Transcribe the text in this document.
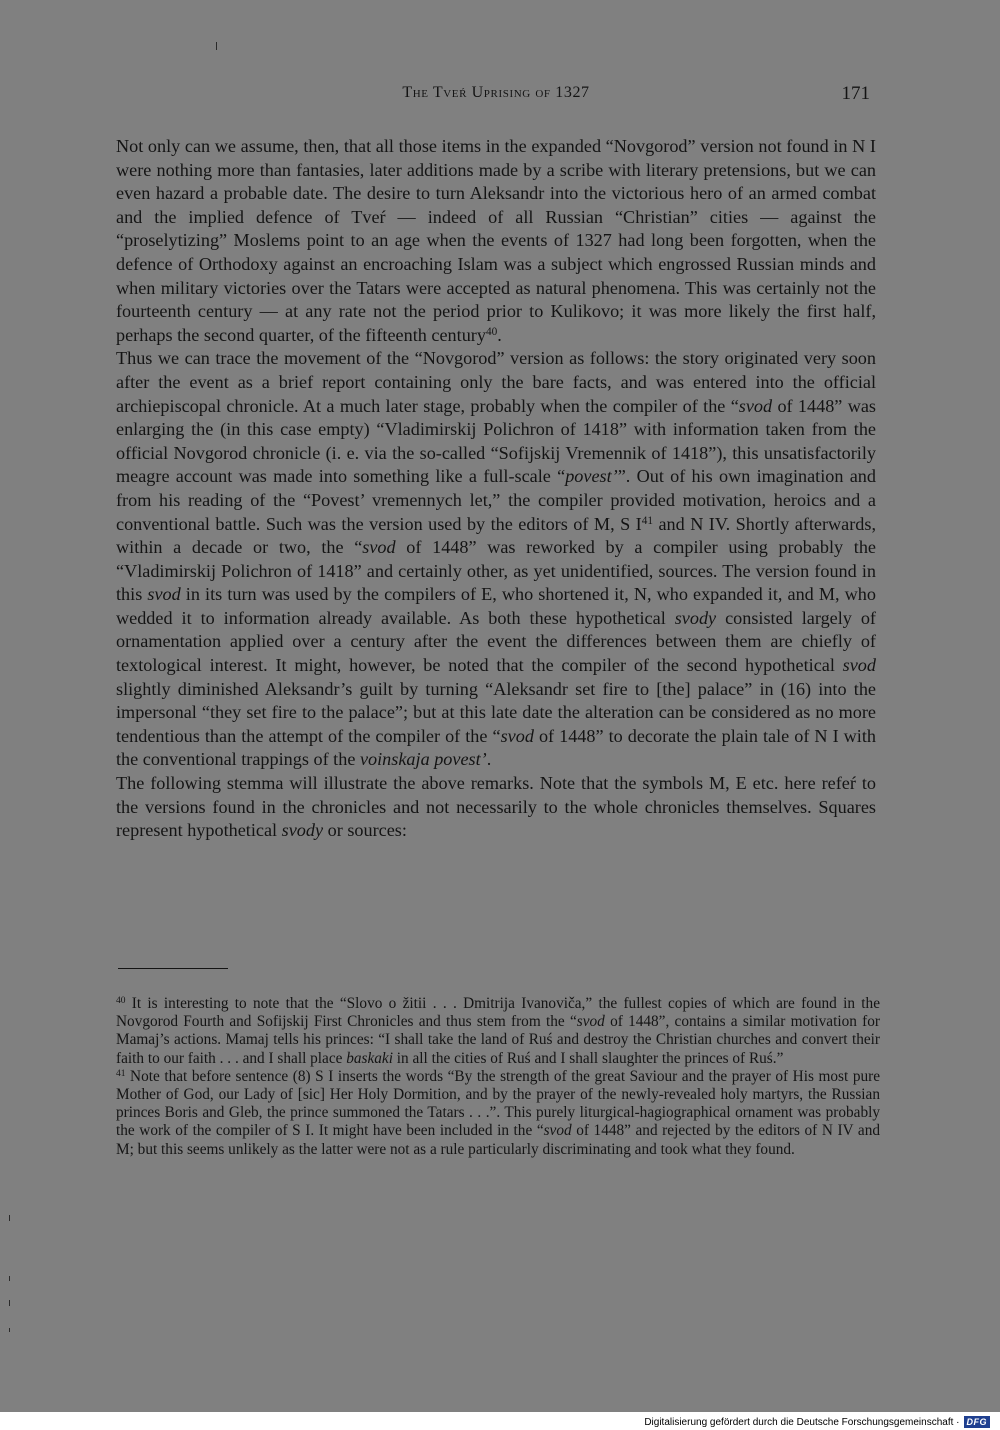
The Tveŕ Uprising of 1327	171

Not only can we assume, then, that all those items in the expanded “Novgorod” version not found in N I were nothing more than fantasies, later additions made by a scribe with literary pretensions, but we can even hazard a probable date. The desire to turn Aleksandr into the victorious hero of an armed combat and the implied defence of Tveŕ — indeed of all Russian “Christian” cities — against the “proselytizing” Moslems point to an age when the events of 1327 had long been forgotten, when the defence of Orthodoxy against an encroaching Islam was a subject which engrossed Russian minds and when military victories over the Tatars were accepted as natural phenomena. This was certainly not the fourteenth century — at any rate not the period prior to Kulikovo; it was more likely the first half, perhaps the second quarter, of the fifteenth century$^{40}$.

Thus we can trace the movement of the “Novgorod” version as follows: the story originated very soon after the event as a brief report containing only the bare facts, and was entered into the official archiepiscopal chronicle. At a much later stage, probably when the compiler of the “svod of 1448” was enlarging the (in this case empty) “Vladimirskij Polichron of 1418” with information taken from the official Novgorod chronicle (i. e. via the so-called “Sofijskij Vremennik of 1418”), this unsatisfactorily meagre account was made into something like a full-scale “povest’”. Out of his own imagination and from his reading of the “Povest’ vremennych let,” the compiler provided motivation, heroics and a conventional battle. Such was the version used by the editors of M, S $I^{41}$ and N IV. Shortly afterwards, within a decade or two, the “svod of 1448” was reworked by a compiler using probably the “Vladimirskij Polichron of 1418” and certainly other, as yet unidentified, sources. The version found in this svod in its turn was used by the compilers of E, who shortened it, N, who expanded it, and M, who wedded it to information already available. As both these hypothetical svody consisted largely of ornamentation applied over a century after the event the differences between them are chiefly of textological interest. It might, however, be noted that the compiler of the second hypothetical svod slightly diminished Aleksandr’s guilt by turning “Aleksandr set fire to [the] palace” in (16) into the impersonal “they set fire to the palace”; but at this late date the alteration can be considered as no more tendentious than the attempt of the compiler of the “svod of 1448” to decorate the plain tale of N I with the conventional trappings of the voinskaja povest’.

The following stemma will illustrate the above remarks. Note that the symbols M, E etc. here refeŕ to the versions found in the chronicles and not necessarily to the whole chronicles themselves. Squares represent hypothetical svody or sources:

$^{40}$ It is interesting to note that the “Slovo o žitii . . . Dmitrija Ivanoviča,” the fullest copies of which are found in the Novgorod Fourth and Sofijskij First Chronicles and thus stem from the “svod of 1448”, contains a similar motivation for Mamaj’s actions. Mamaj tells his princes: “I shall take the land of Ruś and destroy the Christian churches and convert their faith to our faith . . . and I shall place baskaki in all the cities of Ruś and I shall slaughter the princes of Ruś.”

$^{41}$ Note that before sentence (8) S I inserts the words “By the strength of the great Saviour and the prayer of His most pure Mother of God, our Lady of [sic] Her Holy Dormition, and by the prayer of the newly-revealed holy martyrs, the Russian princes Boris and Gleb, the prince summoned the Tatars . . .”. This purely liturgical-hagiographical ornament was probably the work of the compiler of S I. It might have been included in the “svod of 1448” and rejected by the editors of N IV and M; but this seems unlikely as the latter were not as a rule particularly discriminating and took what they found.

Digitalisierung gefördert durch die Deutsche Forschungsgemeinschaft · DFG
